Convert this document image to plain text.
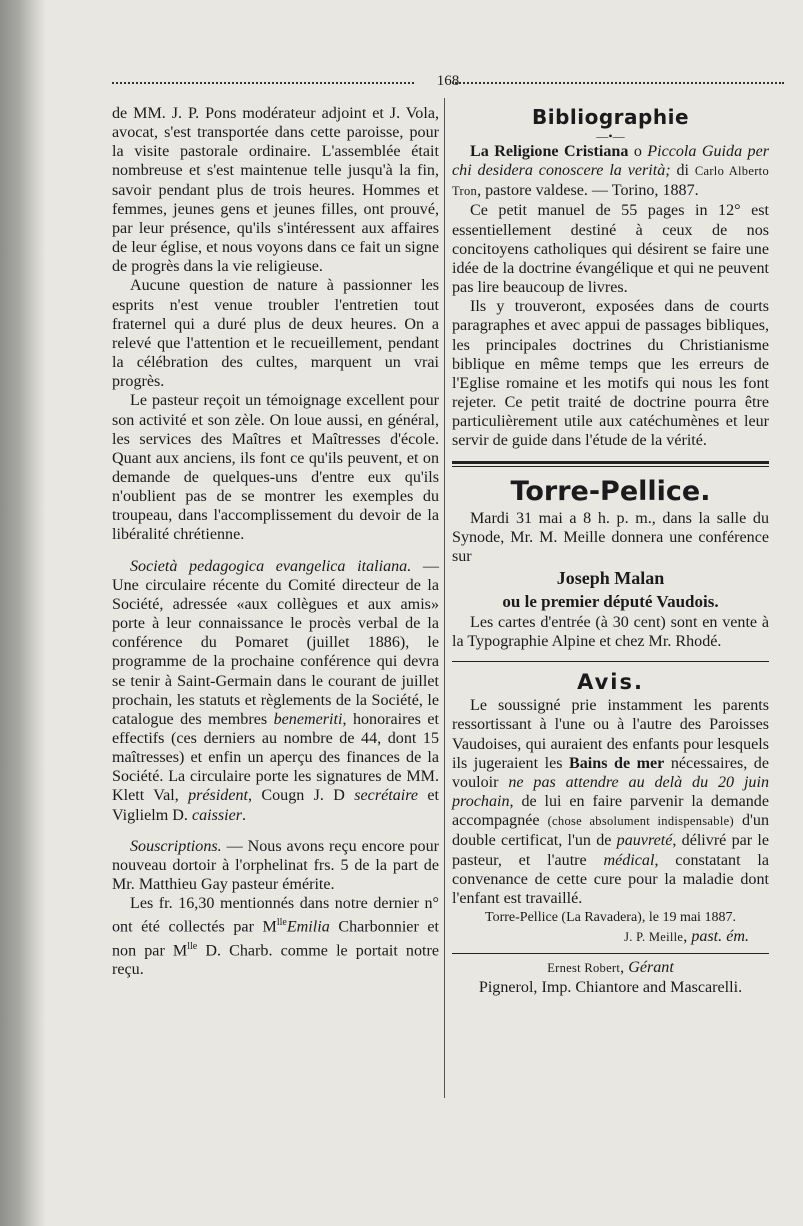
168

de MM. J. P. Pons modérateur adjoint et J. Vola, avocat, s'est transportée dans cette paroisse, pour la visite pastorale ordinaire. L'assemblée était nombreuse et s'est maintenue telle jusqu'à la fin, savoir pendant plus de trois heures. Hommes et femmes, jeunes gens et jeunes filles, ont prouvé, par leur présence, qu'ils s'intéressent aux affaires de leur église, et nous voyons dans ce fait un signe de progrès dans la vie religieuse.

Aucune question de nature à passionner les esprits n'est venue troubler l'entretien tout fraternel qui a duré plus de deux heures. On a relevé que l'attention et le recueillement, pendant la célébration des cultes, marquent un vrai progrès.

Le pasteur reçoit un témoignage excellent pour son activité et son zèle. On loue aussi, en général, les services des Maîtres et Maîtresses d'école. Quant aux anciens, ils font ce qu'ils peuvent, et on demande de quelques-uns d'entre eux qu'ils n'oublient pas de se montrer les exemples du troupeau, dans l'accomplissement du devoir de la libéralité chrétienne.

Società pedagogica evangelica italiana. — Une circulaire récente du Comité directeur de la Société, adressée «aux collègues et aux amis» porte à leur connaissance le procès verbal de la conférence du Pomaret (juillet 1886), le programme de la prochaine conférence qui devra se tenir à Saint-Germain dans le courant de juillet prochain, les statuts et règlements de la Société, le catalogue des membres benemeriti, honoraires et effectifs (ces derniers au nombre de 44, dont 15 maîtresses) et enfin un aperçu des finances de la Société. La circulaire porte les signatures de MM. Klett Val, président, Cougn J. D secrétaire et Viglielm D. caissier.

Souscriptions. — Nous avons reçu encore pour nouveau dortoir à l'orphelinat frs. 5 de la part de Mr. Matthieu Gay pasteur émérite.

Les fr. 16,30 mentionnés dans notre dernier n° ont été collectés par $M^{lle}Emilia$ Charbonnier et non par $M^{lle}$ D. Charb. comme le portait notre reçu.

Bibliographie
—•—

La Religione Cristiana o Piccola Guida per chi desidera conoscere la verità; di Carlo Alberto Tron, pastore valdese. — Torino, 1887.

Ce petit manuel de 55 pages in 12° est essentiellement destiné à ceux de nos concitoyens catholiques qui désirent se faire une idée de la doctrine évangélique et qui ne peuvent pas lire beaucoup de livres.

Ils y trouveront, exposées dans de courts paragraphes et avec appui de passages bibliques, les principales doctrines du Christianisme biblique en même temps que les erreurs de l'Eglise romaine et les motifs qui nous les font rejeter. Ce petit traité de doctrine pourra être particulièrement utile aux catéchumènes et leur servir de guide dans l'étude de la vérité.

Torre-Pellice.

Mardi 31 mai a 8 h. p. m., dans la salle du Synode, Mr. M. Meille donnera une conférence sur

Joseph Malan
ou le premier député Vaudois.

Les cartes d'entrée (à 30 cent) sont en vente à la Typographie Alpine et chez Mr. Rhodé.

Avis.

Le soussigné prie instamment les parents ressortissant à l'une ou à l'autre des Paroisses Vaudoises, qui auraient des enfants pour lesquels ils jugeraient les Bains de mer nécessaires, de vouloir ne pas attendre au delà du 20 juin prochain, de lui en faire parvenir la demande accompagnée (chose absolument indispensable) d'un double certificat, l'un de pauvreté, délivré par le pasteur, et l'autre médical, constatant la convenance de cette cure pour la maladie dont l'enfant est travaillé.

Torre-Pellice (La Ravadera), le 19 mai 1887.
J. P. Meille, past. ém.
Ernest Robert, Gérant
Pignerol, Imp. Chiantore and Mascarelli.
